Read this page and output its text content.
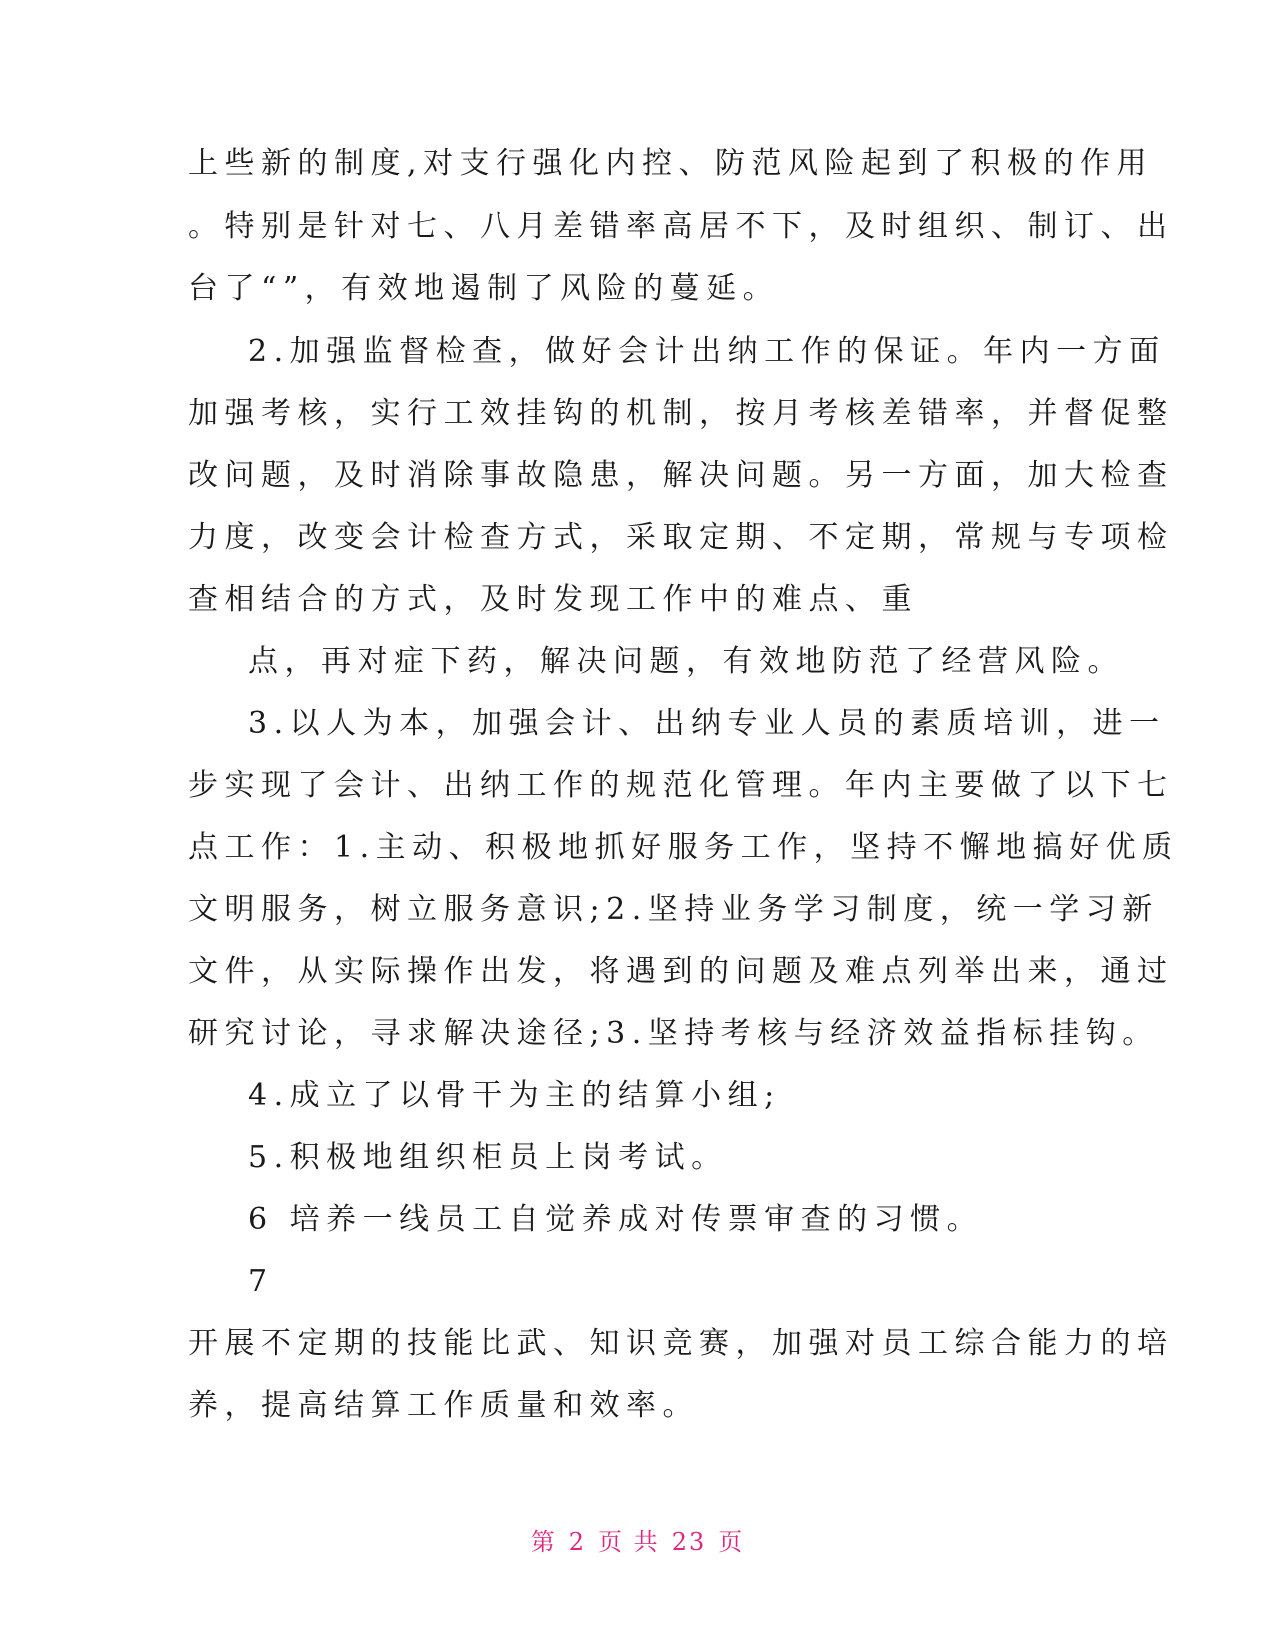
上些新的制度,对支行强化内控、防范风险起到了积极的作用
。特别是针对七、八月差错率高居不下，及时组织、制订、出
台了“”，有效地遏制了风险的蔓延。
2.加强监督检查，做好会计出纳工作的保证。年内一方面
加强考核，实行工效挂钩的机制，按月考核差错率，并督促整
改问题，及时消除事故隐患，解决问题。另一方面，加大检查
力度，改变会计检查方式，采取定期、不定期，常规与专项检
查相结合的方式，及时发现工作中的难点、重
点，再对症下药，解决问题，有效地防范了经营风险。
3.以人为本，加强会计、出纳专业人员的素质培训，进一
步实现了会计、出纳工作的规范化管理。年内主要做了以下七
点工作：1.主动、积极地抓好服务工作，坚持不懈地搞好优质
文明服务，树立服务意识;2.坚持业务学习制度，统一学习新
文件，从实际操作出发，将遇到的问题及难点列举出来，通过
研究讨论，寻求解决途径;3.坚持考核与经济效益指标挂钩。
4.成立了以骨干为主的结算小组;
5.积极地组织柜员上岗考试。
6 培养一线员工自觉养成对传票审查的习惯。
7
开展不定期的技能比武、知识竞赛，加强对员工综合能力的培
养，提高结算工作质量和效率。
第 2 页 共 23 页
